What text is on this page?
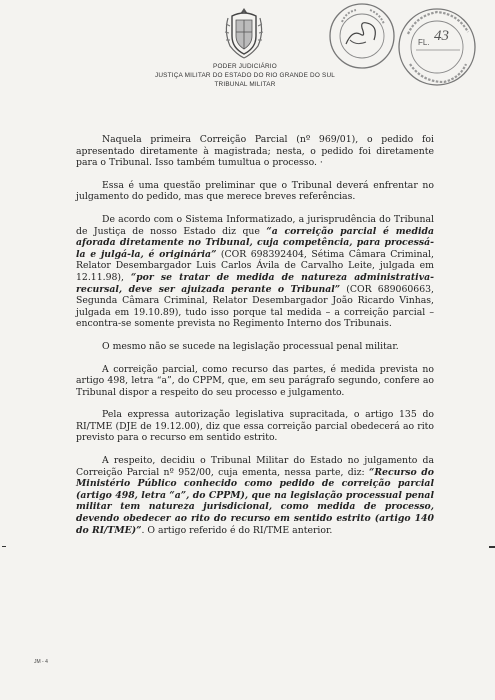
PODER JUDICIÁRIO
JUSTIÇA MILITAR DO ESTADO DO RIO GRANDE DO SUL
TRIBUNAL MILITAR
FL. 43

Naquela primeira Correição Parcial (nº 969/01), o pedido foi apresentado diretamente à magistrada; nesta, o pedido foi diretamente para o Tribunal. Isso também tumultua o processo. ·

Essa é uma questão preliminar que o Tribunal deverá enfrentar no julgamento do pedido, mas que merece breves referências.

De acordo com o Sistema Informatizado, a jurisprudência do Tribunal de Justiça de nosso Estado diz que “a correição parcial é medida aforada diretamente no Tribunal, cuja competência, para processá-la e julgá-la, é originária” (COR 698392404, Sétima Câmara Criminal, Relator Desembargador Luis Carlos Ávila de Carvalho Leite, julgada em 12.11.98), “por se tratar de medida de natureza administrativa-recursal, deve ser ajuizada perante o Tribunal” (COR 689060663, Segunda Câmara Criminal, Relator Desembargador João Ricardo Vinhas, julgada em 19.10.89), tudo isso porque tal medida – a correição parcial – encontra-se somente prevista no Regimento Interno dos Tribunais.

O mesmo não se sucede na legislação processual penal militar.

A correição parcial, como recurso das partes, é medida prevista no artigo 498, letra “a”, do CPPM, que, em seu parágrafo segundo, confere ao Tribunal dispor a respeito do seu processo e julgamento.

Pela expressa autorização legislativa supracitada, o artigo 135 do RI/TME (DJE de 19.12.00), diz que essa correição parcial obedecerá ao rito previsto para o recurso em sentido estrito.

A respeito, decidiu o Tribunal Militar do Estado no julgamento da Correição Parcial nº 952/00, cuja ementa, nessa parte, diz: “Recurso do Ministério Público conhecido como pedido de correição parcial (artigo 498, letra “a”, do CPPM), que na legislação processual penal militar tem natureza jurisdicional, como medida de processo, devendo obedecer ao rito do recurso em sentido estrito (artigo 140 do RI/TME)”. O artigo referido é do RI/TME anterior.

JM - 4
